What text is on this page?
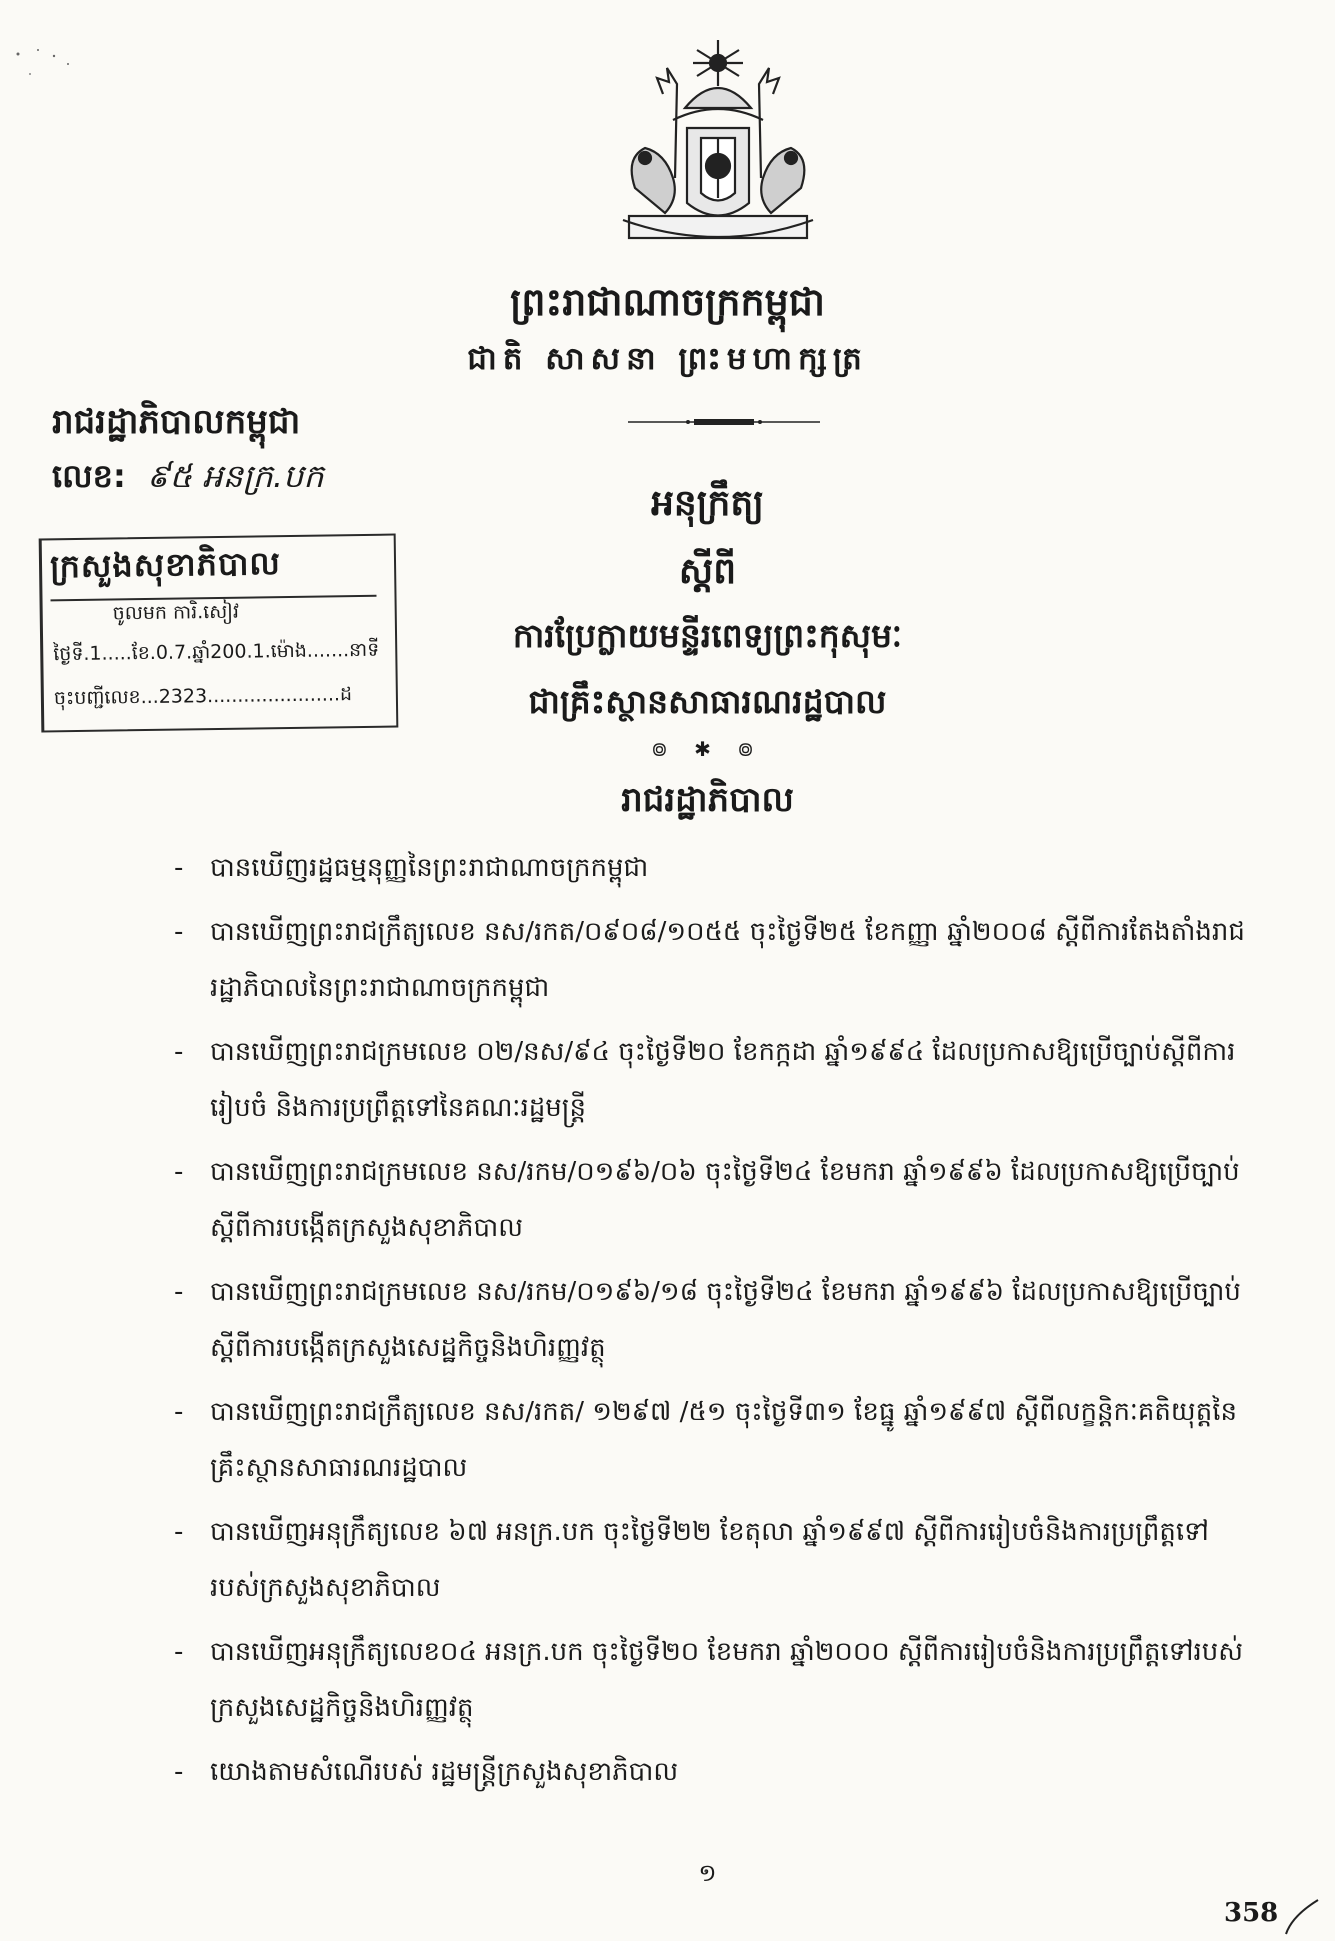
ព្រះរាជាណាចក្រកម្ពុជា
ជាតិ សាសនា ព្រះមហាក្សត្រ
រាជរដ្ឋាភិបាលកម្ពុជា
លេខ: ៩៥ អនក្រ.បក
ក្រសួងសុខាភិបាល
ចូលមក ការិ.សៀវ
ថ្ងៃទី.1.....ខែ.0.7.ឆ្នាំ200.1.ម៉ោង.......នាទី
ចុះបញ្ជីលេខ...2323......................ដ
អនុក្រឹត្យ
ស្តីពី
ការប្រែក្លាយមន្ទីរពេទ្យព្រះកុសុមៈ
ជាគ្រឹះស្ថានសាធារណរដ្ឋបាល
៙ ✱ ៙
រាជរដ្ឋាភិបាល
- បានឃើញរដ្ឋធម្មនុញ្ញនៃព្រះរាជាណាចក្រកម្ពុជា
- បានឃើញព្រះរាជក្រឹត្យលេខ នស/រកត/០៩០៨/១០៥៥ ចុះថ្ងៃទី២៥ ខែកញ្ញា ឆ្នាំ២០០៨ ស្តីពីការតែងតាំងរាជរដ្ឋាភិបាលនៃព្រះរាជាណាចក្រកម្ពុជា
- បានឃើញព្រះរាជក្រមលេខ ០២/នស/៩៤ ចុះថ្ងៃទី២០ ខែកក្កដា ឆ្នាំ១៩៩៤ ដែលប្រកាសឱ្យប្រើច្បាប់ស្តីពីការរៀបចំ និងការប្រព្រឹត្តទៅនៃគណៈរដ្ឋមន្ត្រី
- បានឃើញព្រះរាជក្រមលេខ នស/រកម/០១៩៦/០៦ ចុះថ្ងៃទី២៤ ខែមករា ឆ្នាំ១៩៩៦ ដែលប្រកាសឱ្យប្រើច្បាប់ស្តីពីការបង្កើតក្រសួងសុខាភិបាល
- បានឃើញព្រះរាជក្រមលេខ នស/រកម/០១៩៦/១៨ ចុះថ្ងៃទី២៤ ខែមករា ឆ្នាំ១៩៩៦ ដែលប្រកាសឱ្យប្រើច្បាប់ស្តីពីការបង្កើតក្រសួងសេដ្ឋកិច្ចនិងហិរញ្ញវត្ថុ
- បានឃើញព្រះរាជក្រឹត្យលេខ នស/រកត/ ១២៩៧ /៥១ ចុះថ្ងៃទី៣១ ខែធ្នូ ឆ្នាំ១៩៩៧ ស្តីពីលក្ខន្តិកៈគតិយុត្តនៃគ្រឹះស្ថានសាធារណរដ្ឋបាល
- បានឃើញអនុក្រឹត្យលេខ ៦៧ អនក្រ.បក ចុះថ្ងៃទី២២ ខែតុលា ឆ្នាំ១៩៩៧ ស្តីពីការរៀបចំនិងការប្រព្រឹត្តទៅរបស់ក្រសួងសុខាភិបាល
- បានឃើញអនុក្រឹត្យលេខ០៤ អនក្រ.បក ចុះថ្ងៃទី២០ ខែមករា ឆ្នាំ២០០០ ស្តីពីការរៀបចំនិងការប្រព្រឹត្តទៅរបស់ក្រសួងសេដ្ឋកិច្ចនិងហិរញ្ញវត្ថុ
- យោងតាមសំណើរបស់ រដ្ឋមន្ត្រីក្រសួងសុខាភិបាល
១
358
